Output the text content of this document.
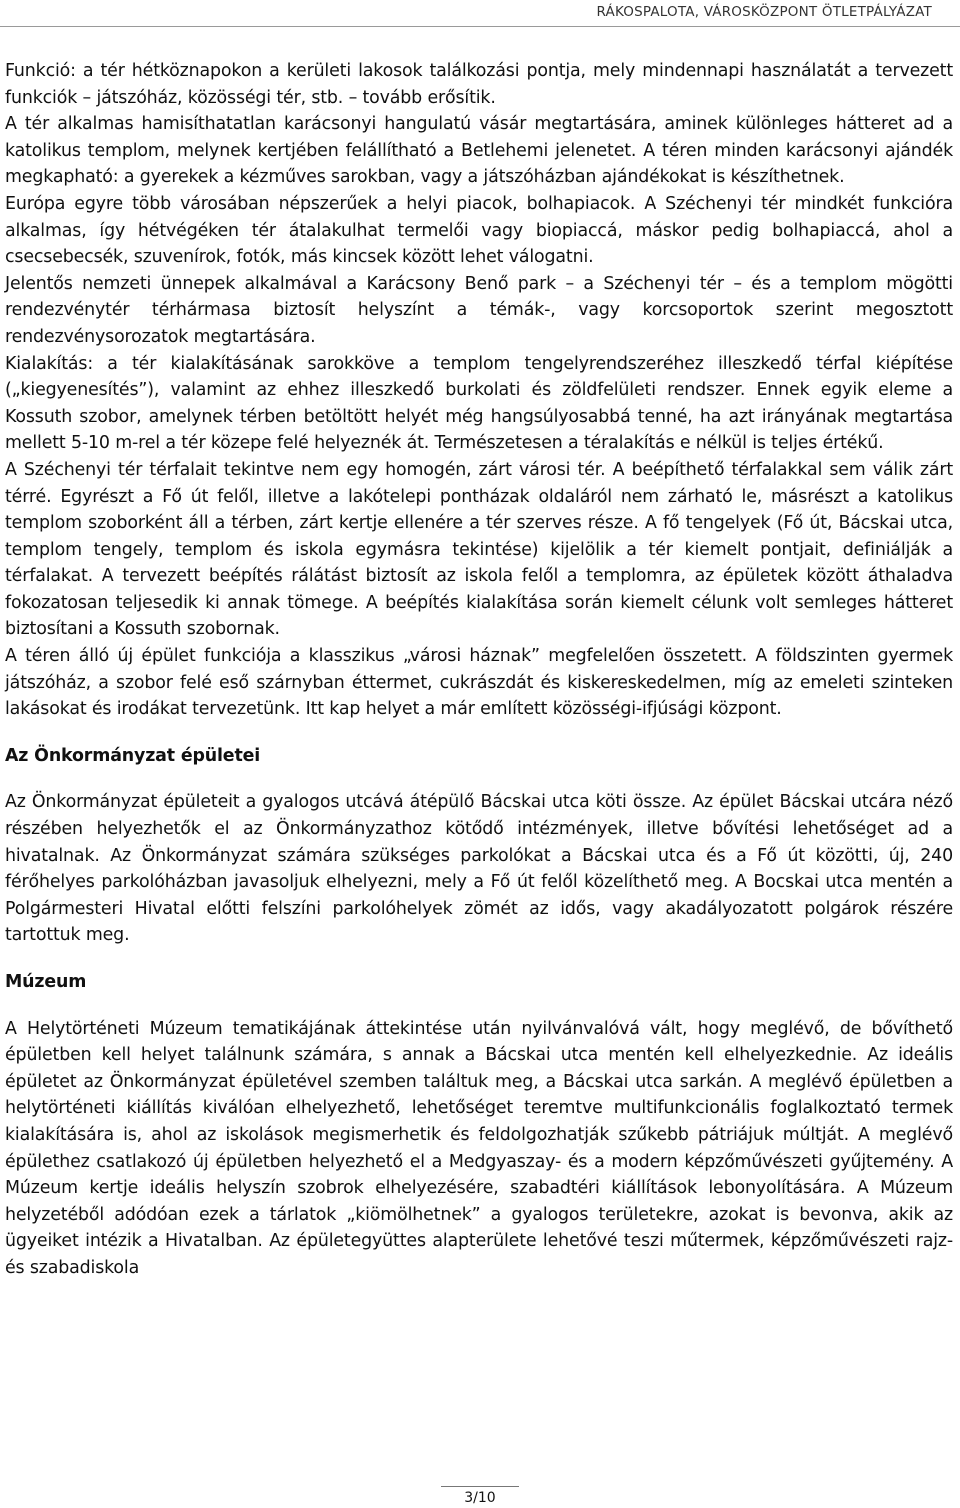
RÁKOSPALOTA, VÁROSKÖZPONT ÖTLETPÁLYÁZAT

Funkció: a tér hétköznapokon a kerületi lakosok találkozási pontja, mely mindennapi használatát a tervezett funkciók – játszóház, közösségi tér, stb. – tovább erősítik.

A tér alkalmas hamisíthatatlan karácsonyi hangulatú vásár megtartására, aminek különleges hátteret ad a katolikus templom, melynek kertjében felállítható a Betlehemi jelenetet. A téren minden karácsonyi ajándék megkapható: a gyerekek a kézműves sarokban, vagy a játszóházban ajándékokat is készíthetnek.

Európa egyre több városában népszerűek a helyi piacok, bolhapiacok. A Széchenyi tér mindkét funkcióra alkalmas, így hétvégéken tér átalakulhat termelői vagy biopiaccá, máskor pedig bolhapiaccá, ahol a csecsebecsék, szuvenírok, fotók, más kincsek között lehet válogatni.

Jelentős nemzeti ünnepek alkalmával a Karácsony Benő park – a Széchenyi tér – és a templom mögötti rendezvénytér térhármasa biztosít helyszínt a témák-, vagy korcsoportok szerint megosztott rendezvénysorozatok megtartására.

Kialakítás: a tér kialakításának sarokköve a templom tengelyrendszeréhez illeszkedő térfal kiépítése („kiegyenesítés”), valamint az ehhez illeszkedő burkolati és zöldfelületi rendszer. Ennek egyik eleme a Kossuth szobor, amelynek térben betöltött helyét még hangsúlyosabbá tenné, ha azt irányának megtartása mellett 5-10 m-rel a tér közepe felé helyeznék át. Természetesen a téralakítás e nélkül is teljes értékű.

A Széchenyi tér térfalait tekintve nem egy homogén, zárt városi tér. A beépíthető térfalakkal sem válik zárt térré. Egyrészt a Fő út felől, illetve a lakótelepi pontházak oldaláról nem zárható le, másrészt a katolikus templom szoborként áll a térben, zárt kertje ellenére a tér szerves része. A fő tengelyek (Fő út, Bácskai utca, templom tengely, templom és iskola egymásra tekintése) kijelölik a tér kiemelt pontjait, definiálják a térfalakat. A tervezett beépítés rálátást biztosít az iskola felől a templomra, az épületek között áthaladva fokozatosan teljesedik ki annak tömege. A beépítés kialakítása során kiemelt célunk volt semleges hátteret biztosítani a Kossuth szobornak.

A téren álló új épület funkciója a klasszikus „városi háznak” megfelelően összetett. A földszinten gyermek játszóház, a szobor felé eső szárnyban éttermet, cukrászdát és kiskereskedelmen, míg az emeleti szinteken lakásokat és irodákat tervezetünk. Itt kap helyet a már említett közösségi-ifjúsági központ.

Az Önkormányzat épületei

Az Önkormányzat épületeit a gyalogos utcává átépülő Bácskai utca köti össze. Az épület Bácskai utcára néző részében helyezhetők el az Önkormányzathoz kötődő intézmények, illetve bővítési lehetőséget ad a hivatalnak. Az Önkormányzat számára szükséges parkolókat a Bácskai utca és a Fő út közötti, új, 240 férőhelyes parkolóházban javasoljuk elhelyezni, mely a Fő út felől közelíthető meg. A Bocskai utca mentén a Polgármesteri Hivatal előtti felszíni parkolóhelyek zömét az idős, vagy akadályozatott polgárok részére tartottuk meg.

Múzeum

A Helytörténeti Múzeum tematikájának áttekintése után nyilvánvalóvá vált, hogy meglévő, de bővíthető épületben kell helyet találnunk számára, s annak a Bácskai utca mentén kell elhelyezkednie. Az ideális épületet az Önkormányzat épületével szemben találtuk meg, a Bácskai utca sarkán. A meglévő épületben a helytörténeti kiállítás kiválóan elhelyezhető, lehetőséget teremtve multifunkcionális foglalkoztató termek kialakítására is, ahol az iskolások megismerhetik és feldolgozhatják szűkebb pátriájuk múltját. A meglévő épülethez csatlakozó új épületben helyezhető el a Medgyaszay- és a modern képzőművészeti gyűjtemény. A Múzeum kertje ideális helyszín szobrok elhelyezésére, szabadtéri kiállítások lebonyolítására. A Múzeum helyzetéből adódóan ezek a tárlatok „kiömölhetnek” a gyalogos területekre, azokat is bevonva, akik az ügyeiket intézik a Hivatalban. Az épületegyüttes alapterülete lehetővé teszi műtermek, képzőművészeti rajz- és szabadiskola

3/10
